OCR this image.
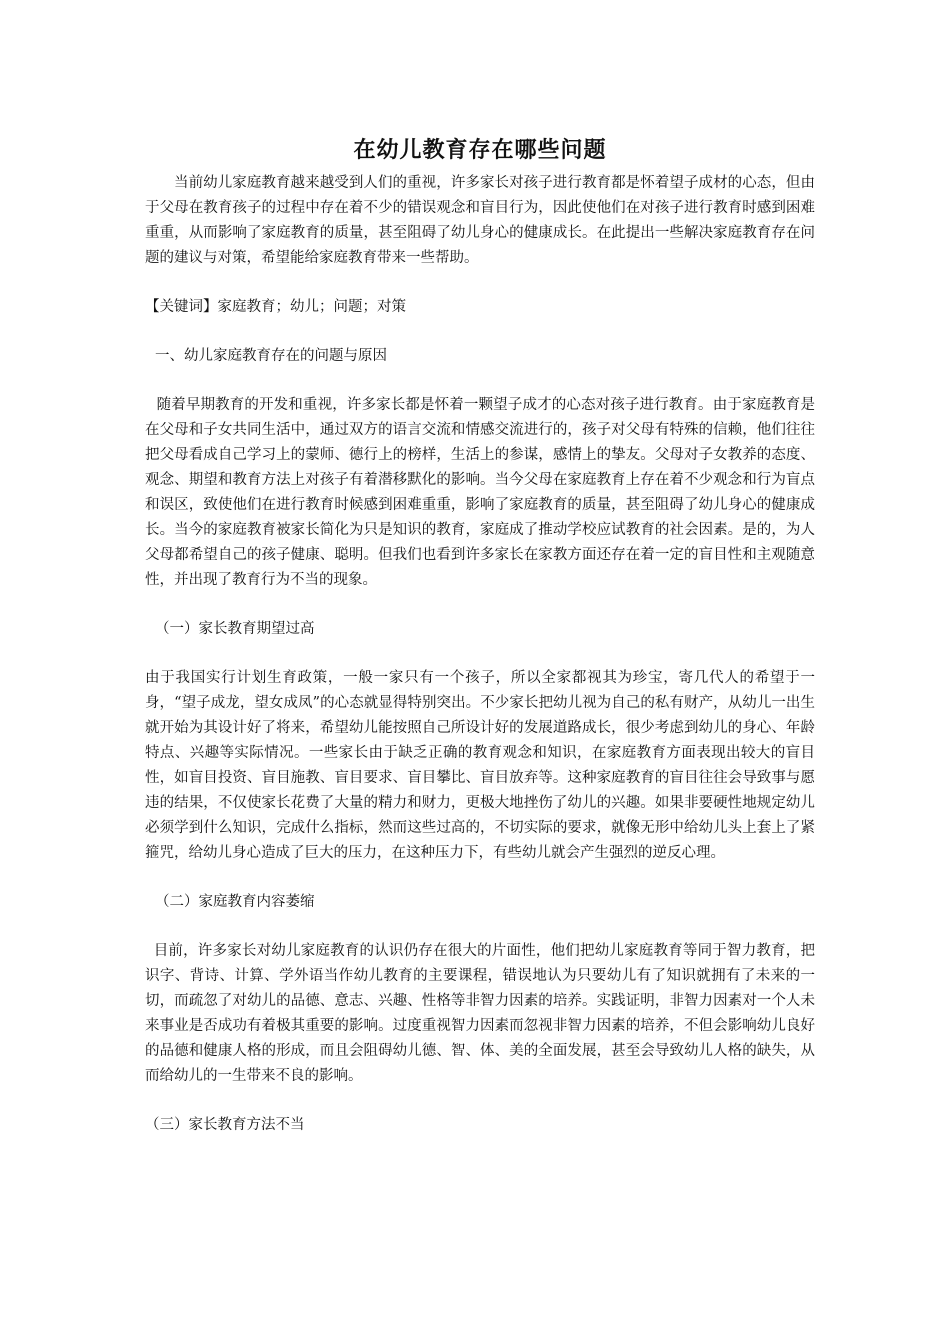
在幼儿教育存在哪些问题

当前幼儿家庭教育越来越受到人们的重视，许多家长对孩子进行教育都是怀着望子成材的心态，但由于父母在教育孩子的过程中存在着不少的错误观念和盲目行为，因此使他们在对孩子进行教育时感到困难重重，从而影响了家庭教育的质量，甚至阻碍了幼儿身心的健康成长。在此提出一些解决家庭教育存在问题的建议与对策，希望能给家庭教育带来一些帮助。

【关键词】家庭教育；幼儿；问题；对策

一、幼儿家庭教育存在的问题与原因

随着早期教育的开发和重视，许多家长都是怀着一颗望子成才的心态对孩子进行教育。由于家庭教育是在父母和子女共同生活中，通过双方的语言交流和情感交流进行的，孩子对父母有特殊的信赖，他们往往把父母看成自己学习上的蒙师、德行上的榜样，生活上的参谋，感情上的挚友。父母对子女教养的态度、观念、期望和教育方法上对孩子有着潜移默化的影响。当今父母在家庭教育上存在着不少观念和行为盲点和误区，致使他们在进行教育时候感到困难重重，影响了家庭教育的质量，甚至阻碍了幼儿身心的健康成长。当今的家庭教育被家长简化为只是知识的教育，家庭成了推动学校应试教育的社会因素。是的，为人父母都希望自己的孩子健康、聪明。但我们也看到许多家长在家教方面还存在着一定的盲目性和主观随意性，并出现了教育行为不当的现象。

（一）家长教育期望过高

由于我国实行计划生育政策，一般一家只有一个孩子，所以全家都视其为珍宝，寄几代人的希望于一身，“望子成龙，望女成凤”的心态就显得特别突出。不少家长把幼儿视为自己的私有财产，从幼儿一出生就开始为其设计好了将来，希望幼儿能按照自己所设计好的发展道路成长，很少考虑到幼儿的身心、年龄特点、兴趣等实际情况。一些家长由于缺乏正确的教育观念和知识，在家庭教育方面表现出较大的盲目性，如盲目投资、盲目施教、盲目要求、盲目攀比、盲目放弃等。这种家庭教育的盲目往往会导致事与愿违的结果，不仅使家长花费了大量的精力和财力，更极大地挫伤了幼儿的兴趣。如果非要硬性地规定幼儿必须学到什么知识，完成什么指标，然而这些过高的，不切实际的要求，就像无形中给幼儿头上套上了紧箍咒，给幼儿身心造成了巨大的压力，在这种压力下，有些幼儿就会产生强烈的逆反心理。

（二）家庭教育内容萎缩

目前，许多家长对幼儿家庭教育的认识仍存在很大的片面性，他们把幼儿家庭教育等同于智力教育，把识字、背诗、计算、学外语当作幼儿教育的主要课程，错误地认为只要幼儿有了知识就拥有了未来的一切，而疏忽了对幼儿的品德、意志、兴趣、性格等非智力因素的培养。实践证明，非智力因素对一个人未来事业是否成功有着极其重要的影响。过度重视智力因素而忽视非智力因素的培养，不但会影响幼儿良好的品德和健康人格的形成，而且会阻碍幼儿德、智、体、美的全面发展，甚至会导致幼儿人格的缺失，从而给幼儿的一生带来不良的影响。

（三）家长教育方法不当
